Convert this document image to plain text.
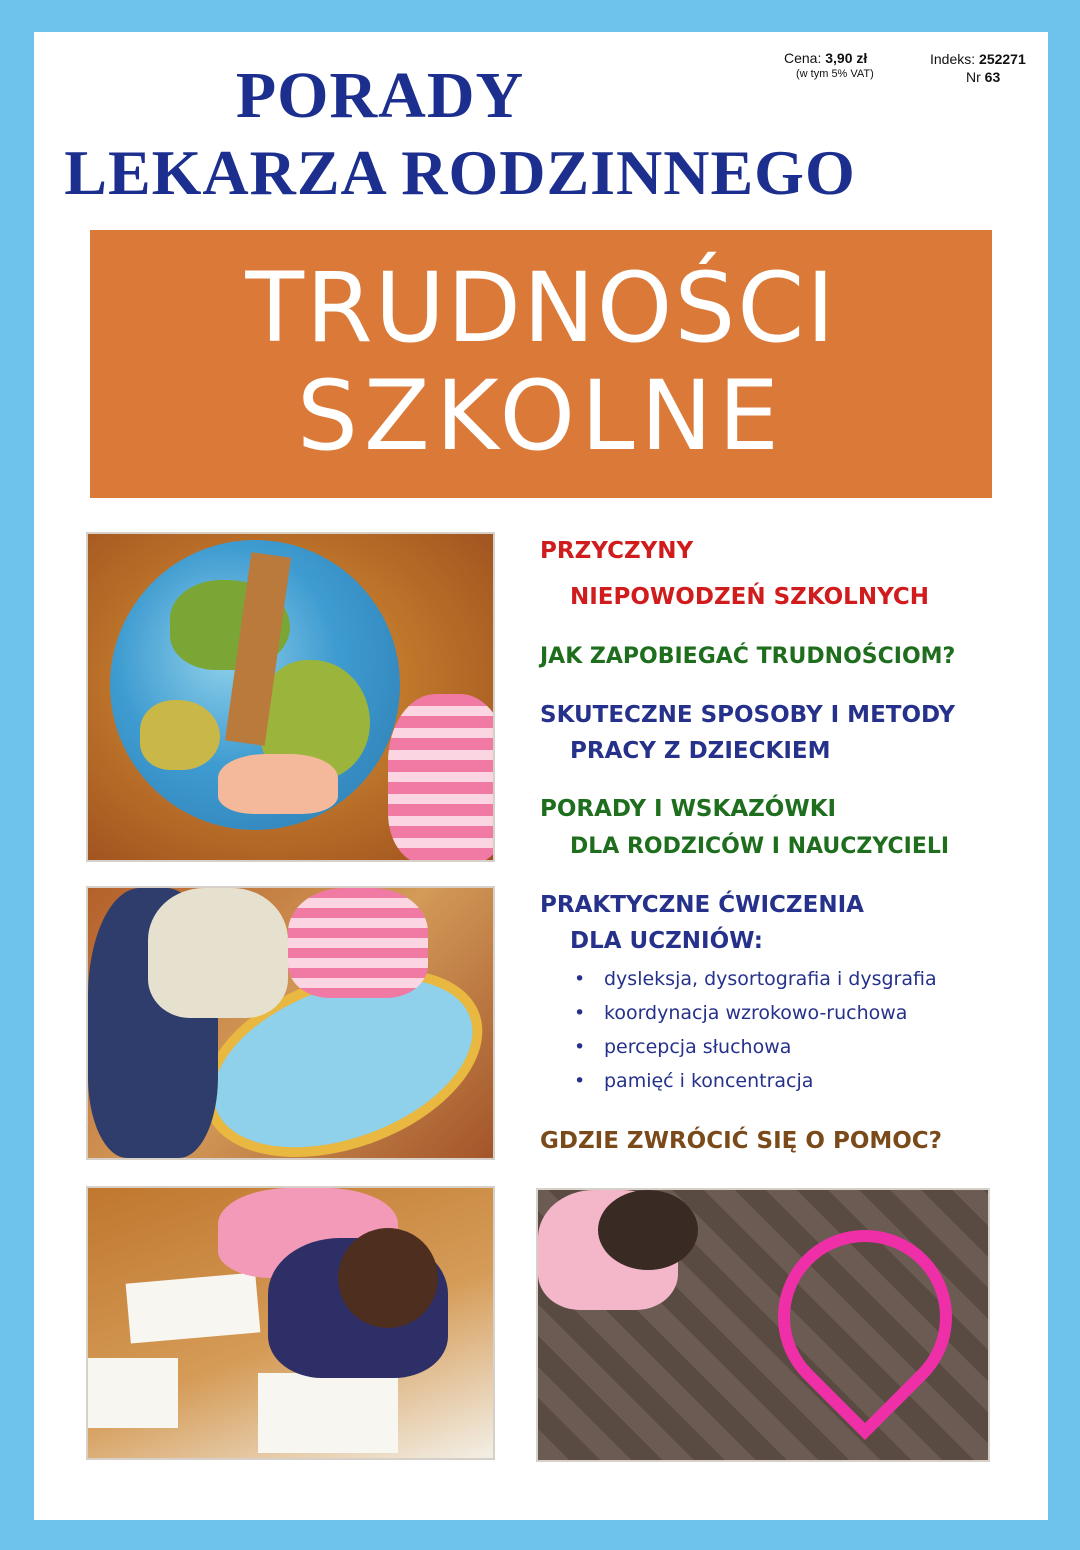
PORADY
LEKARZA RODZINNEGO
Cena: 3,90 zł
(w tym 5% VAT)
Indeks: 252271
Nr 63
TRUDNOŚCI
SZKOLNE
PRZYCZYNY
NIEPOWODZEŃ SZKOLNYCH
JAK ZAPOBIEGAĆ TRUDNOŚCIOM?
SKUTECZNE SPOSOBY I METODY
PRACY Z DZIECKIEM
PORADY I WSKAZÓWKI
DLA RODZICÓW I NAUCZYCIELI
PRAKTYCZNE ĆWICZENIA
DLA UCZNIÓW:
• dysleksja, dysortografia i dysgrafia
• koordynacja wzrokowo-ruchowa
• percepcja słuchowa
• pamięć i koncentracja
GDZIE ZWRÓCIĆ SIĘ O POMOC?
